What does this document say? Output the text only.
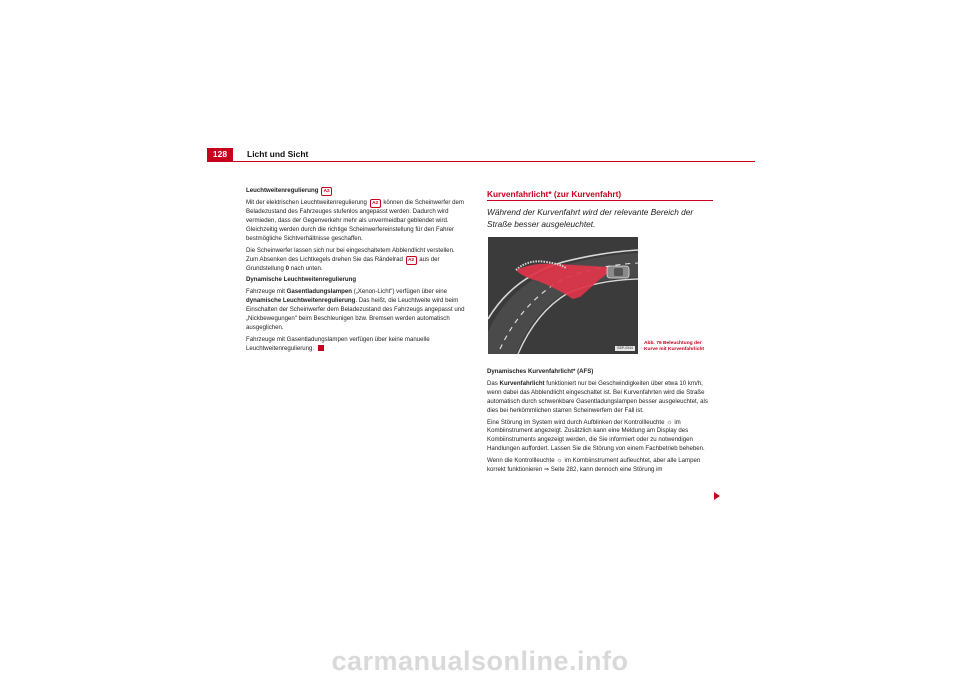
128	Licht und Sicht

Leuchtweitenregulierung A2

Mit der elektrischen Leuchtweitenregulierung A2 können die Scheinwerfer dem Beladezustand des Fahrzeuges stufenlos angepasst werden. Dadurch wird vermieden, dass der Gegenverkehr mehr als unvermeidbar geblendet wird. Gleichzeitig werden durch die richtige Scheinwerfereinstellung für den Fahrer bestmögliche Sichtverhältnisse geschaffen.

Die Scheinwerfer lassen sich nur bei eingeschaltetem Abblendlicht verstellen. Zum Absenken des Lichtkegels drehen Sie das Rändelrad A2 aus der Grundstellung 0 nach unten.

Dynamische Leuchtweitenregulierung

Fahrzeuge mit Gasentladungslampen („Xenon-Licht") verfügen über eine dynamische Leuchtweitenregulierung. Das heißt, die Leuchtweite wird beim Einschalten der Scheinwerfer dem Beladezustand des Fahrzeugs angepasst und „Nickbewegungen" beim Beschleunigen bzw. Bremsen werden automatisch ausgeglichen.

Fahrzeuge mit Gasentladungslampen verfügen über keine manuelle Leuchtweitenregulierung.

Kurvenfahrlicht* (zur Kurvenfahrt)
Während der Kurvenfahrt wird der relevante Bereich der Straße besser ausgeleuchtet.
B5P-0344
Abb. 76 Beleuchtung der
Kurve mit Kurvenfahrlicht

Dynamisches Kurvenfahrlicht* (AFS)

Das Kurvenfahrlicht funktioniert nur bei Geschwindigkeiten über etwa 10 km/h, wenn dabei das Abblendlicht eingeschaltet ist. Bei Kurvenfahrten wird die Straße automatisch durch schwenkbare Gasentladungslampen besser ausgeleuchtet, als dies bei herkömmlichen starren Scheinwerfern der Fall ist.

Eine Störung im System wird durch Aufblinken der Kontrollleuchte ☼ im Kombiinstrument angezeigt. Zusätzlich kann eine Meldung am Display des Kombiinstruments angezeigt werden, die Sie informiert oder zu notwendigen Handlungen auffordert. Lassen Sie die Störung von einem Fachbetrieb beheben.

Wenn die Kontrollleuchte ☼ im Kombiinstrument aufleuchtet, aber alle Lampen korrekt funktionieren ⇒ Seite 282, kann dennoch eine Störung im

carmanualsonline.info
